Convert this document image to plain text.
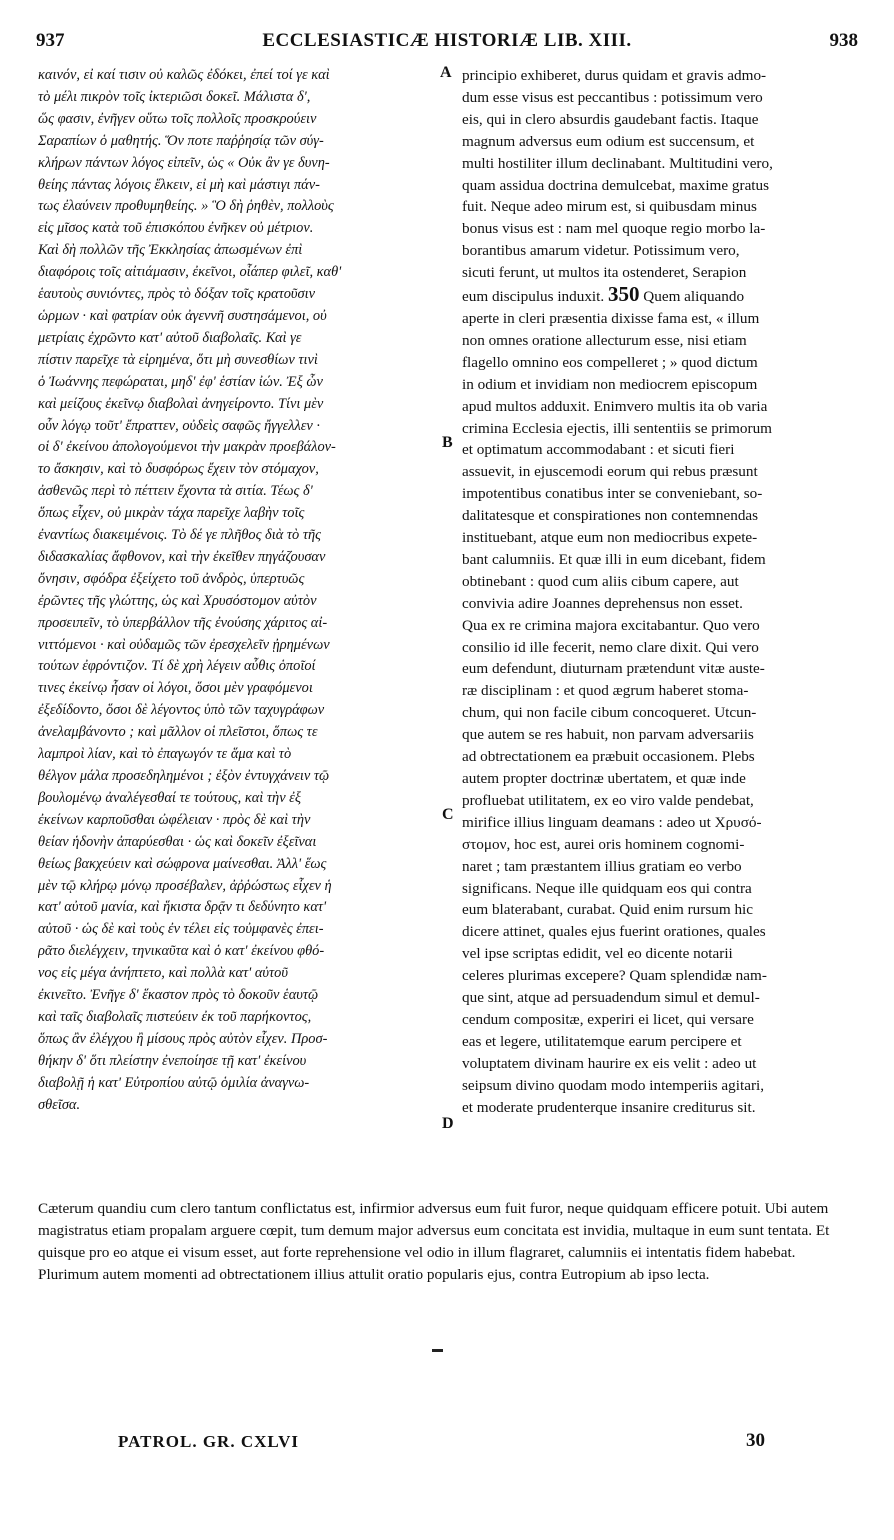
937	ECCLESIASTICÆ HISTORIÆ LIB. XIII.	938
καινόν, εἰ καί τισιν οὐ καλῶς ἐδόκει, ἐπεί τοί γε καὶ
τὸ μέλι πικρὸν τοῖς ἰκτεριῶσι δοκεῖ. Μάλιστα δ',
ὥς φασιν, ἐνῆγεν οὕτω τοῖς πολλοῖς προσκρούειν
Σαραπίων ὁ μαθητής. Ὅν ποτε παῤῥησίᾳ τῶν σύγ-
κλήρων πάντων λόγος εἰπεῖν, ὡς « Οὐκ ἂν γε δυνη-
θείης πάντας λόγοις ἕλκειν, εἰ μὴ καὶ μάστιγι πάν-
τως ἐλαύνειν προθυμηθείης. » Ὃ δὴ ῥηθὲν, πολλοὺς
εἰς μῖσος κατὰ τοῦ ἐπισκόπου ἐνῆκεν οὐ μέτριον.
Καὶ δὴ πολλῶν τῆς Ἐκκλησίας ἀπωσμένων ἐπὶ
διαφόροις τοῖς αἰτιάμασιν, ἐκεῖνοι, οἷάπερ φιλεῖ, καθ'
ἑαυτοὺς συνιόντες, πρὸς τὸ δόξαν τοῖς κρατοῦσιν
ὡρμων · καὶ φατρίαν οὐκ ἀγεννῆ συστησάμενοι, οὐ
μετρίαις ἐχρῶντο κατ' αὐτοῦ διαβολαῖς. Καὶ γε
πίστιν παρεῖχε τὰ εἰρημένα, ὅτι μὴ συνεσθίων τινὶ
ὁ Ἰωάννης πεφώραται, μηδ' ἐφ' ἑστίαν ἰών. Ἐξ ὧν
καὶ μείζους ἐκεῖνῳ διαβολαὶ ἀνηγείροντο. Τίνι μὲν
οὖν λόγῳ τοῦτ' ἔπραττεν, οὐδεὶς σαφῶς ἤγγελλεν ·
οἱ δ' ἐκείνου ἀπολογούμενοι τὴν μακρὰν προεβάλον-
το ἄσκησιν, καὶ τὸ δυσφόρως ἔχειν τὸν στόμαχον,
ἀσθενῶς περὶ τὸ πέττειν ἔχοντα τὰ σιτία. Τέως δ'
ὅπως εἶχεν, οὐ μικρὰν τάχα παρεῖχε λαβὴν τοῖς
ἐναντίως διακειμένοις. Τὸ δέ γε πλῆθος διὰ τὸ τῆς
διδασκαλίας ἄφθονον, καὶ τὴν ἐκεῖθεν πηγάζουσαν
ὄνησιν, σφόδρα ἐξείχετο τοῦ ἀνδρὸς, ὑπερτυῶς
ἐρῶντες τῆς γλώττης, ὡς καὶ Χρυσόστομον αὐτὸν
προσειπεῖν, τὸ ὑπερβάλλον τῆς ἐνούσης χάριτος αἰ-
νιττόμενοι · καὶ οὐδαμῶς τῶν ἐρεσχελεῖν ᾐρημένων
τούτων ἐφρόντιζον. Τί δὲ χρὴ λέγειν αὖθις ὁποῖοί
τινες ἐκείνῳ ἦσαν οἱ λόγοι, ὅσοι μὲν γραφόμενοι
ἐξεδίδοντο, ὅσοι δὲ λέγοντος ὑπὸ τῶν ταχυγράφων
ἀνελαμβάνοντο ; καὶ μᾶλλον οἱ πλεῖστοι, ὅπως τε
λαμπροὶ λίαν, καὶ τὸ ἐπαγωγόν τε ἅμα καὶ τὸ
θέλγον μάλα προσεδηλημένοι ; ἐξὸν ἐντυγχάνειν τῷ
βουλομένῳ ἀναλέγεσθαί τε τούτους, καὶ τὴν ἐξ
ἐκείνων καρποῦσθαι ὠφέλειαν · πρὸς δὲ καὶ τὴν
θείαν ἡδονὴν ἀπαρύεσθαι · ὡς καὶ δοκεῖν ἐξεῖναι
θείως βακχεύειν καὶ σώφρονα μαίνεσθαι. Ἀλλ' ἕως
μὲν τῷ κλήρῳ μόνῳ προσέβαλεν, ἀῤῥώστως εἶχεν ἡ
κατ' αὐτοῦ μανία, καὶ ἥκιστα δρᾷν τι δεδύνητο κατ'
αὐτοῦ · ὡς δὲ καὶ τοὺς ἐν τέλει εἰς τοὐμφανὲς ἐπει-
ρᾶτο διελέγχειν, τηνικαῦτα καὶ ὁ κατ' ἐκείνου φθό-
νος εἰς μέγα ἀνήπτετο, καὶ πολλὰ κατ' αὐτοῦ
ἐκινεῖτο. Ἐνῆγε δ' ἕκαστον πρὸς τὸ δοκοῦν ἑαυτῷ
καὶ ταῖς διαβολαῖς πιστεύειν ἐκ τοῦ παρήκοντος,
ὅπως ἂν ἐλέγχου ἢ μίσους πρὸς αὐτὸν εἶχεν. Προσ-
θήκην δ' ὅτι πλείστην ἐνεποίησε τῇ κατ' ἐκείνου
διαβολῇ ἡ κατ' Εὐτροπίου αὐτῷ ὁμιλία ἀναγνω-
σθεῖσα.
principio exhiberet, durus quidam et gravis admo-
dum esse visus est peccantibus : potissimum vero
eis, qui in clero absurdis gaudebant factis. Itaque
magnum adversus eum odium est succensum, et
multi hostiliter illum declinabant. Multitudini vero,
quam assidua doctrina demulcebat, maxime gratus
fuit. Neque adeo mirum est, si quibusdam minus
bonus visus est : nam mel quoque regio morbo la-
borantibus amarum videtur. Potissimum vero,
sicuti ferunt, ut multos ita ostenderet, Serapion
eum discipulus induxit. 350 Quem aliquando
aperte in cleri præsentia dixisse fama est, « illum
non omnes oratione allecturum esse, nisi etiam
flagello omnino eos compelleret ; » quod dictum
in odium et invidiam non mediocrem episcopum
apud multos adduxit. Enimvero multis ita ob varia
crimina Ecclesia ejectis, illi sententiis se primorum
et optimatum accommodabant : et sicuti fieri
assuevit, in ejuscemodi eorum qui rebus præsunt
impotentibus conatibus inter se conveniebant, so-
dalitatesque et conspirationes non contemnendas
instituebant, atque eum non mediocribus expete-
bant calumniis. Et quæ illi in eum dicebant, fidem
obtinebant : quod cum aliis cibum capere, aut
convivia adire Joannes deprehensus non esset.
Qua ex re crimina majora excitabantur. Quo vero
consilio id ille fecerit, nemo clare dixit. Qui vero
eum defendunt, diuturnam prætendunt vitæ auste-
ræ disciplinam : et quod ægrum haberet stoma-
chum, qui non facile cibum concoqueret. Utcun-
que autem se res habuit, non parvam adversariis
ad obtrectationem ea præbuit occasionem. Plebs
autem propter doctrinæ ubertatem, et quæ inde
profluebat utilitatem, ex eo viro valde pendebat,
mirifice illius linguam deamans : adeo ut Χρυσό-
στομον, hoc est, aurei oris hominem cognomi-
naret ; tam præstantem illius gratiam eo verbo
significans. Neque ille quidquam eos qui contra
eum blaterabant, curabat. Quid enim rursum hic
dicere attinet, quales ejus fuerint orationes, quales
vel ipse scriptas edidit, vel eo dicente notarii
celeres plurimas excepere? Quam splendidæ nam-
que sint, atque ad persuadendum simul et demul-
cendum compositæ, experiri ei licet, qui versare
eas et legere, utilitatemque earum percipere et
voluptatem divinam haurire ex eis velit : adeo ut
seipsum divino quodam modo intemperiis agitari,
et moderate prudenterque insanire crediturus sit.
A
B
C
D
Cæterum quandiu cum clero tantum conflictatus est, infirmior adversus eum fuit furor, neque quidquam efficere potuit. Ubi autem magistratus etiam propalam arguere cœpit, tum demum major adversus eum concitata est invidia, multaque in eum sunt tentata. Et quisque pro eo atque ei visum esset, aut forte reprehensione vel odio in illum flagraret, calumniis ei intentatis fidem habebat. Plurimum autem momenti ad obtrectationem illius attulit oratio popularis ejus, contra Eutropium ab ipso lecta.
PATROL. GR. CXLVI	30
